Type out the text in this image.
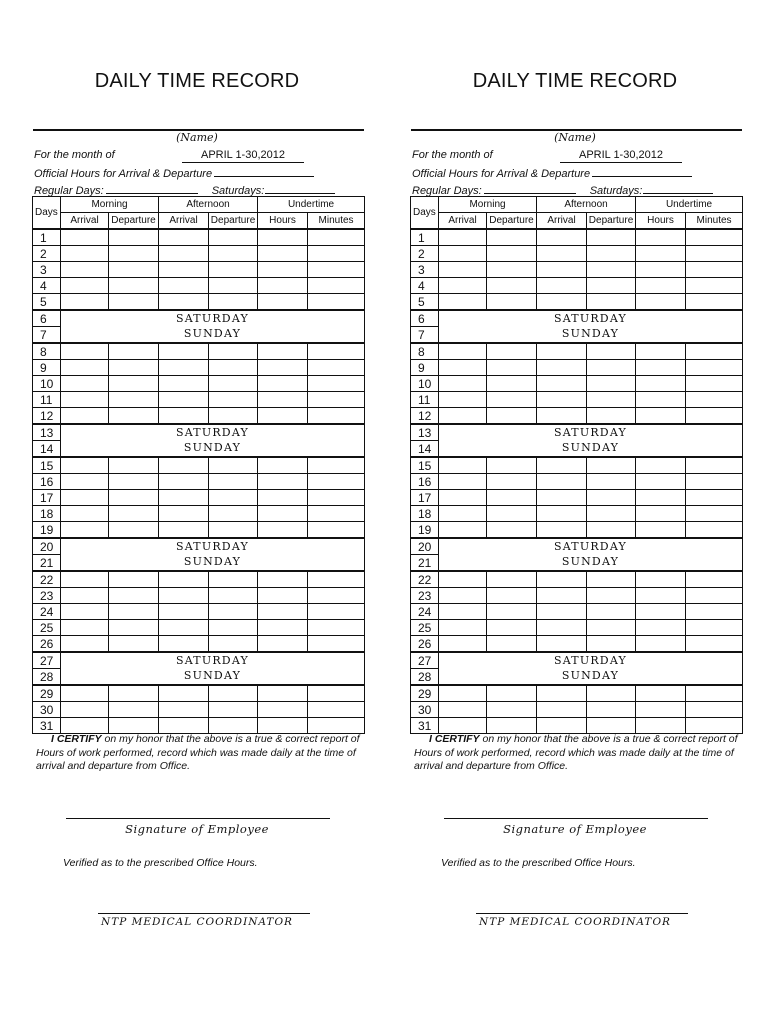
DAILY TIME RECORD
(Name)
For the month of	APRIL 1-30,2012
Official Hours for Arrival & Departure
Regular Days:	Saturdays:
Days	Morning		Afternoon		Undertime	
	Arrival	Departure	Arrival	Departure	Hours	Minutes
1						
2						
3						
4						
5						
6	SATURDAY					
7	SUNDAY					
8						
9						
10						
11						
12						
13	SATURDAY					
14	SUNDAY					
15						
16						
17						
18						
19						
20	SATURDAY					
21	SUNDAY					
22						
23						
24						
25						
26						
27	SATURDAY					
28	SUNDAY					
29						
30						
31						
I CERTIFY on my honor that the above is a true & correct report of Hours of work performed, record which was made daily at the time of arrival and departure from Office.
Signature of Employee
Verified as to the prescribed Office Hours.
NTP MEDICAL COORDINATOR
DAILY TIME RECORD
(Name)
For the month of	APRIL 1-30,2012
Official Hours for Arrival & Departure
Regular Days:	Saturdays:
Days	Morning		Afternoon		Undertime	
	Arrival	Departure	Arrival	Departure	Hours	Minutes
1						
2						
3						
4						
5						
6	SATURDAY					
7	SUNDAY					
8						
9						
10						
11						
12						
13	SATURDAY					
14	SUNDAY					
15						
16						
17						
18						
19						
20	SATURDAY					
21	SUNDAY					
22						
23						
24						
25						
26						
27	SATURDAY					
28	SUNDAY					
29						
30						
31						
I CERTIFY on my honor that the above is a true & correct report of Hours of work performed, record which was made daily at the time of arrival and departure from Office.
Signature of Employee
Verified as to the prescribed Office Hours.
NTP MEDICAL COORDINATOR
